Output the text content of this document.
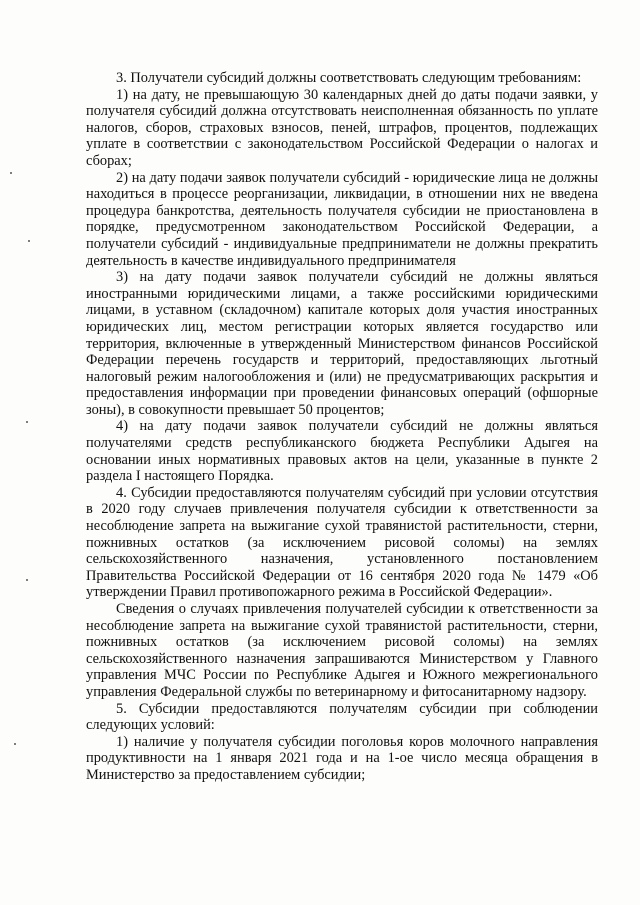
3. Получатели субсидий должны соответствовать следующим требованиям:

1) на дату, не превышающую 30 календарных дней до даты подачи заявки, у получателя субсидий должна отсутствовать неисполненная обязанность по уплате налогов, сборов, страховых взносов, пеней, штрафов, процентов, подлежащих уплате в соответствии с законодательством Российской Федерации о налогах и сборах;

2) на дату подачи заявок получатели субсидий - юридические лица не должны находиться в процессе реорганизации, ликвидации, в отношении них не введена процедура банкротства, деятельность получателя субсидии не приостановлена в порядке, предусмотренном законодательством Российской Федерации, а получатели субсидий - индивидуальные предприниматели не должны прекратить деятельность в качестве индивидуального предпринимателя

3) на дату подачи заявок получатели субсидий не должны являться иностранными юридическими лицами, а также российскими юридическими лицами, в уставном (складочном) капитале которых доля участия иностранных юридических лиц, местом регистрации которых является государство или территория, включенные в утвержденный Министерством финансов Российской Федерации перечень государств и территорий, предоставляющих льготный налоговый режим налогообложения и (или) не предусматривающих раскрытия и предоставления информации при проведении финансовых операций (офшорные зоны), в совокупности превышает 50 процентов;

4) на дату подачи заявок получатели субсидий не должны являться получателями средств республиканского бюджета Республики Адыгея на основании иных нормативных правовых актов на цели, указанные в пункте 2 раздела I настоящего Порядка.

4. Субсидии предоставляются получателям субсидий при условии отсутствия в 2020 году случаев привлечения получателя субсидии к ответственности за несоблюдение запрета на выжигание сухой травянистой растительности, стерни, пожнивных остатков (за исключением рисовой соломы) на землях сельскохозяйственного назначения, установленного постановлением Правительства Российской Федерации от 16 сентября 2020 года № 1479 «Об утверждении Правил противопожарного режима в Российской Федерации».

Сведения о случаях привлечения получателей субсидии к ответственности за несоблюдение запрета на выжигание сухой травянистой растительности, стерни, пожнивных остатков (за исключением рисовой соломы) на землях сельскохозяйственного назначения запрашиваются Министерством у Главного управления МЧС России по Республике Адыгея и Южного межрегионального управления Федеральной службы по ветеринарному и фитосанитарному надзору.

5. Субсидии предоставляются получателям субсидии при соблюдении следующих условий:

1) наличие у получателя субсидии поголовья коров молочного направления продуктивности на 1 января 2021 года и на 1-ое число месяца обращения в Министерство за предоставлением субсидии;
